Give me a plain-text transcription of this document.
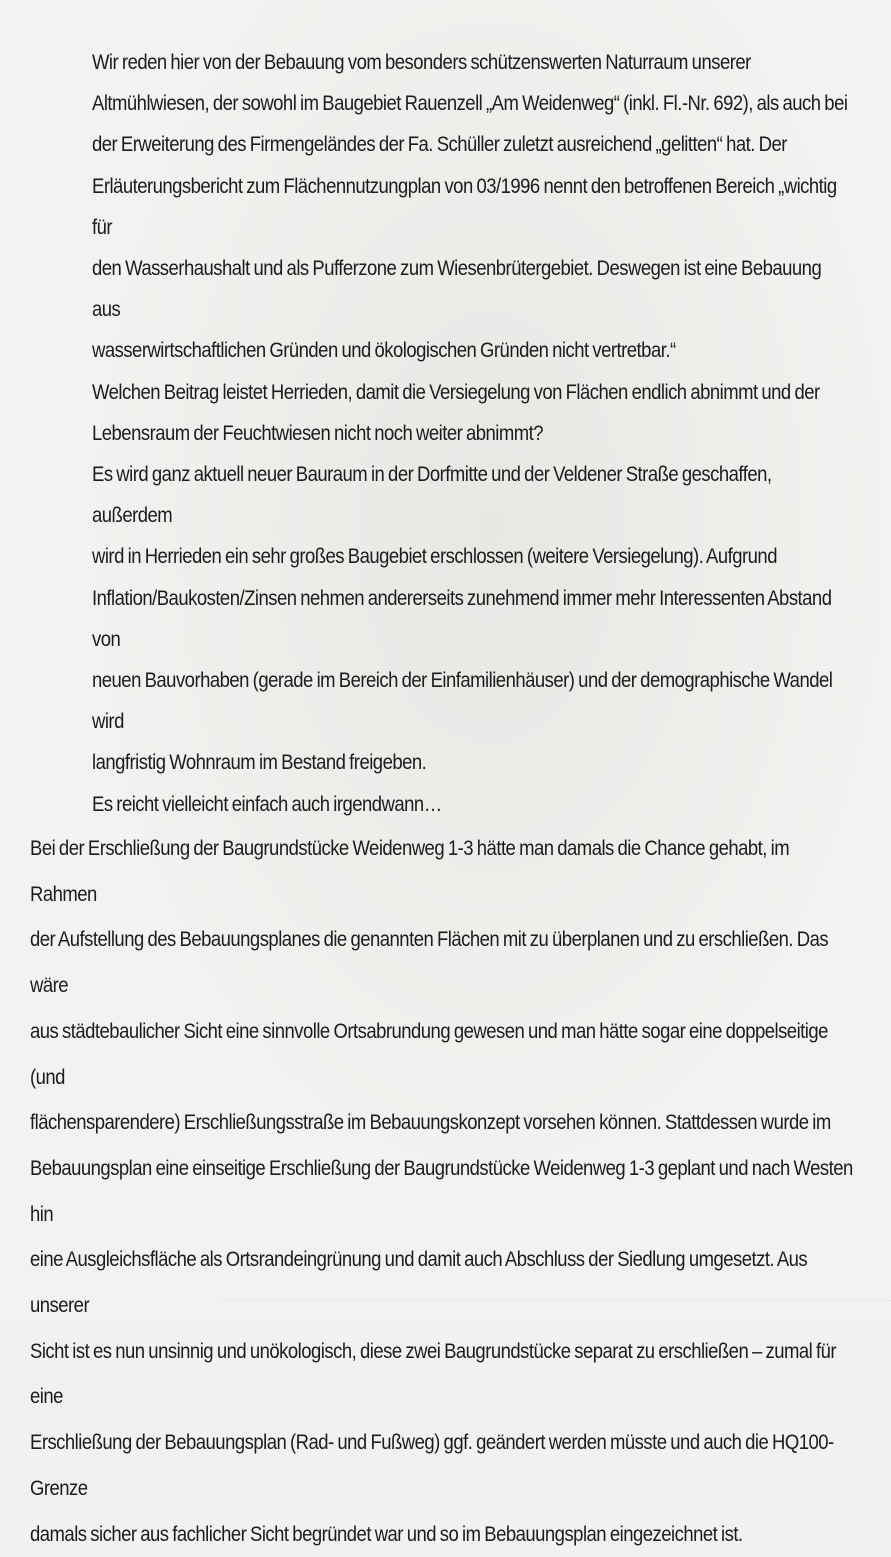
Wir reden hier von der Bebauung vom besonders schützenswerten Naturraum unserer

Altmühlwiesen, der sowohl im Baugebiet Rauenzell „Am Weidenweg“ (inkl. Fl.-Nr. 692), als auch bei

der Erweiterung des Firmengeländes der Fa. Schüller zuletzt ausreichend „gelitten“ hat. Der

Erläuterungsbericht zum Flächennutzungplan von 03/1996 nennt den betroffenen Bereich „wichtig für

den Wasserhaushalt und als Pufferzone zum Wiesenbrütergebiet. Deswegen ist eine Bebauung aus

wasserwirtschaftlichen Gründen und ökologischen Gründen nicht vertretbar.“

Welchen Beitrag leistet Herrieden, damit die Versiegelung von Flächen endlich abnimmt und der

Lebensraum der Feuchtwiesen nicht noch weiter abnimmt?

Es wird ganz aktuell neuer Bauraum in der Dorfmitte und der Veldener Straße geschaffen, außerdem

wird in Herrieden ein sehr großes Baugebiet erschlossen (weitere Versiegelung). Aufgrund

Inflation/Baukosten/Zinsen nehmen andererseits zunehmend immer mehr Interessenten Abstand von

neuen Bauvorhaben (gerade im Bereich der Einfamilienhäuser) und der demographische Wandel wird

langfristig Wohnraum im Bestand freigeben.

Es reicht vielleicht einfach auch irgendwann…

Bei der Erschließung der Baugrundstücke Weidenweg 1-3 hätte man damals die Chance gehabt, im Rahmen

der Aufstellung des Bebauungsplanes die genannten Flächen mit zu überplanen und zu erschließen. Das wäre

aus städtebaulicher Sicht eine sinnvolle Ortsabrundung gewesen und man hätte sogar eine doppelseitige (und

flächensparendere) Erschließungsstraße im Bebauungskonzept vorsehen können. Stattdessen wurde im

Bebauungsplan eine einseitige Erschließung der Baugrundstücke Weidenweg 1-3 geplant und nach Westen hin

eine Ausgleichsfläche als Ortsrandeingrünung und damit auch Abschluss der Siedlung umgesetzt. Aus unserer

Sicht ist es nun unsinnig und unökologisch, diese zwei Baugrundstücke separat zu erschließen – zumal für eine

Erschließung der Bebauungsplan (Rad- und Fußweg) ggf. geändert werden müsste und auch die HQ100-Grenze

damals sicher aus fachlicher Sicht begründet war und so im Bebauungsplan eingezeichnet ist.
